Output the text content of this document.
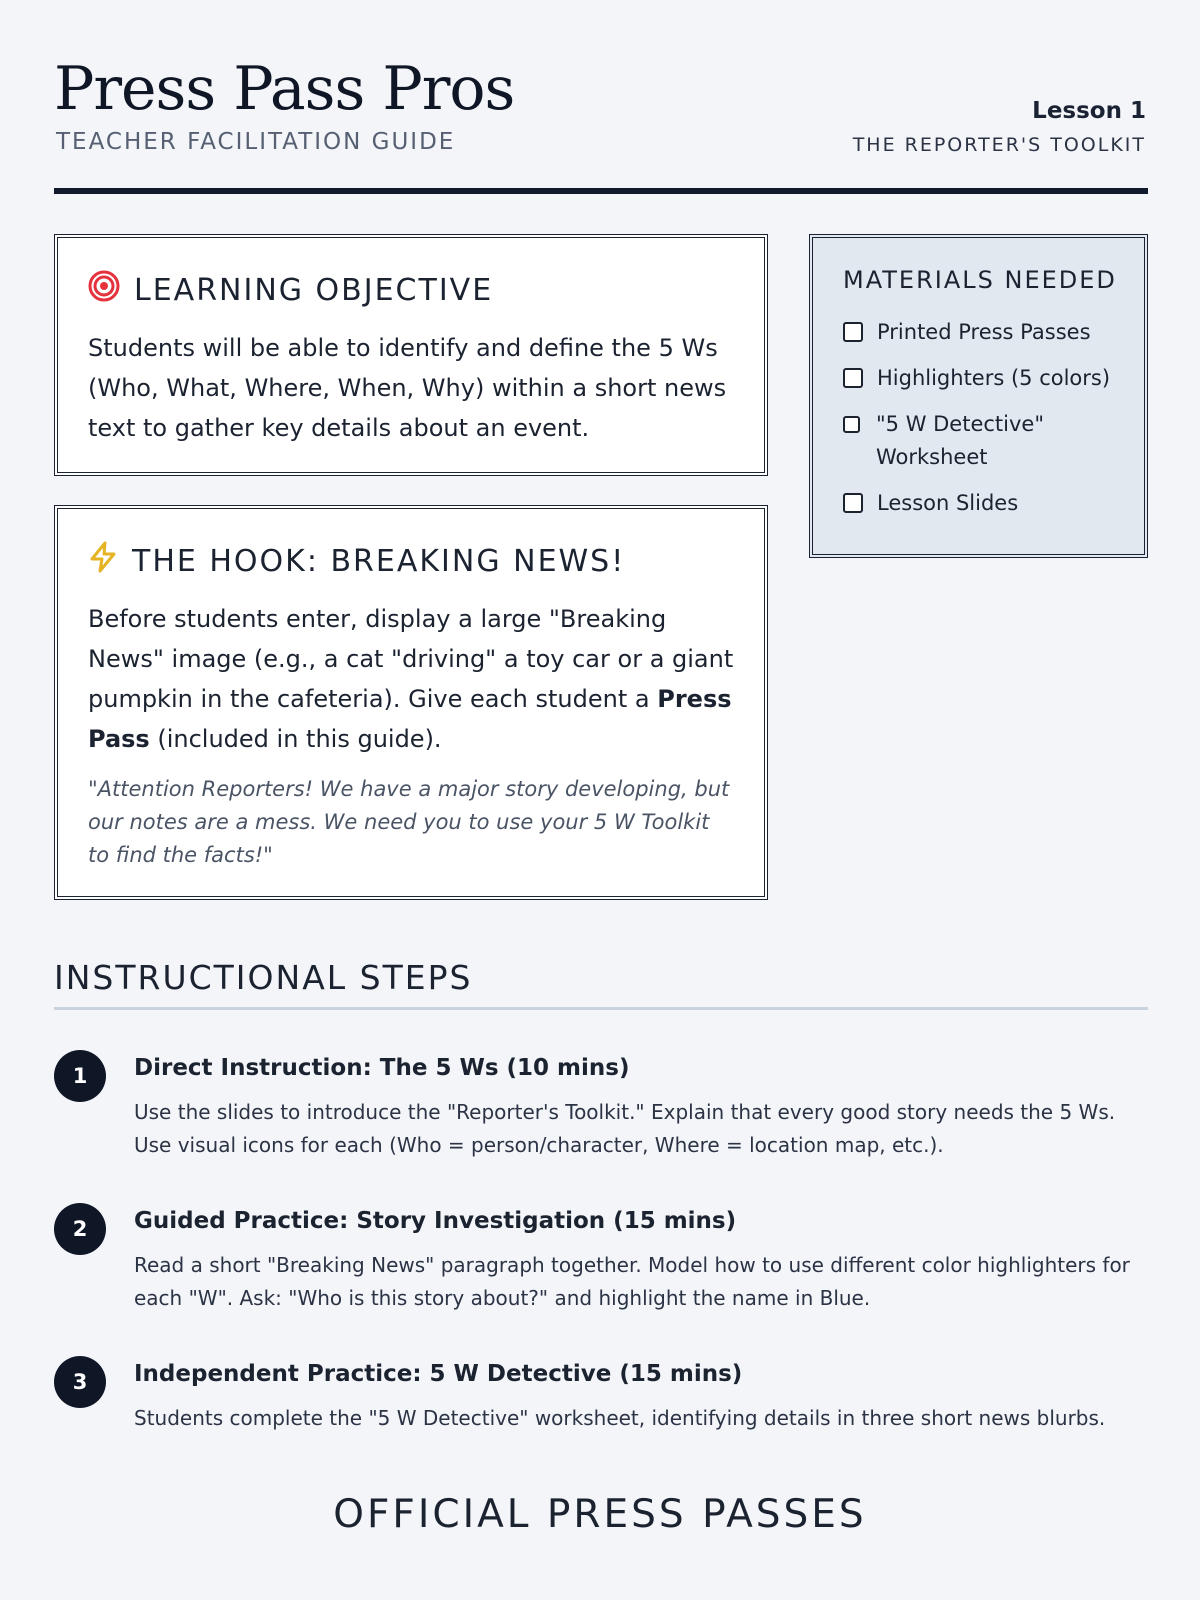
Press Pass Pros
TEACHER FACILITATION GUIDE
Lesson 1
THE REPORTER'S TOOLKIT
LEARNING OBJECTIVE

Students will be able to identify and define the 5 Ws (Who, What, Where, When, Why) within a short news text to gather key details about an event.

THE HOOK: BREAKING NEWS!

Before students enter, display a large "Breaking News" image (e.g., a cat "driving" a toy car or a giant pumpkin in the cafeteria). Give each student a Press Pass (included in this guide).

"Attention Reporters! We have a major story developing, but our notes are a mess. We need you to use your 5 W Toolkit to find the facts!"

MATERIALS NEEDED
Printed Press Passes
Highlighters (5 colors)
"5 W Detective" Worksheet
Lesson Slides
INSTRUCTIONAL STEPS
1	Direct Instruction: The 5 Ws (10 mins)

Use the slides to introduce the "Reporter's Toolkit." Explain that every good story needs the 5 Ws. Use visual icons for each (Who = person/character, Where = location map, etc.).

2	Guided Practice: Story Investigation (15 mins)

Read a short "Breaking News" paragraph together. Model how to use different color highlighters for each "W". Ask: "Who is this story about?" and highlight the name in Blue.

3	Independent Practice: 5 W Detective (15 mins)

Students complete the "5 W Detective" worksheet, identifying details in three short news blurbs.

OFFICIAL PRESS PASSES
